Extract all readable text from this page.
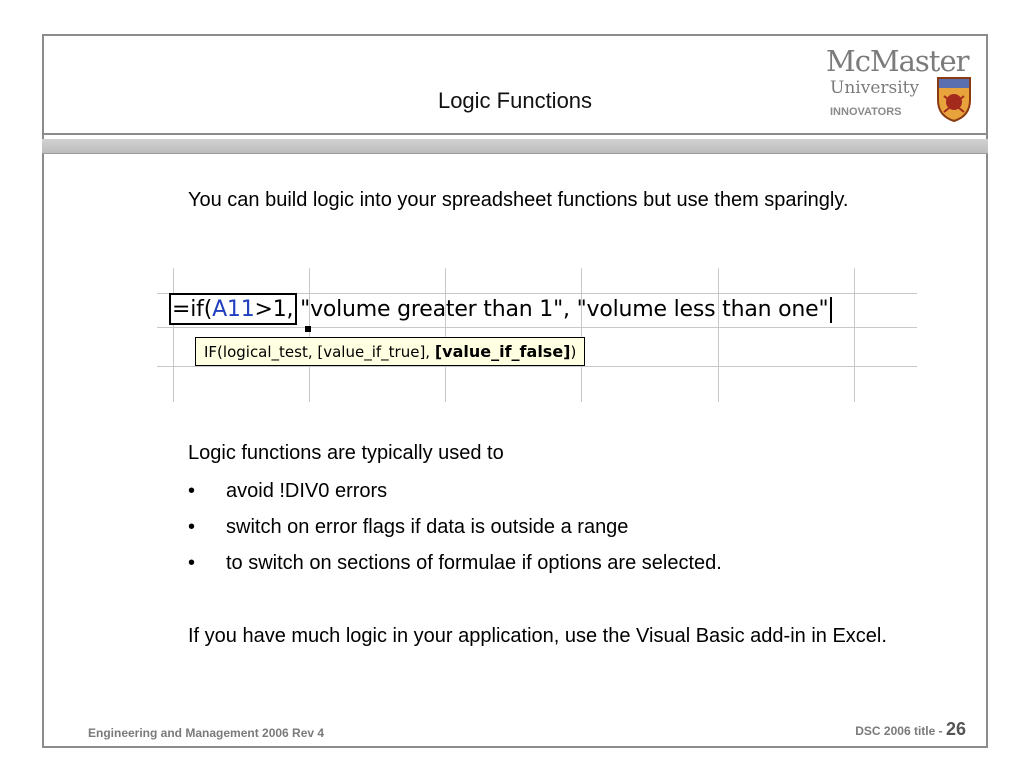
Logic Functions
McMaster
University
INNOVATORS
You can build logic into your spreadsheet functions but use them sparingly.
=if(A11>1, "volume greater than 1", "volume less than one"
IF(logical_test, [value_if_true], [value_if_false])
Logic functions are typically used to
• avoid !DIV0 errors
• switch on error flags if data is outside a range
• to switch on sections of formulae if options are selected.
If you have much logic in your application, use the Visual Basic add-in in Excel.
Engineering and Management 2006 Rev 4	DSC 2006 title - 26
